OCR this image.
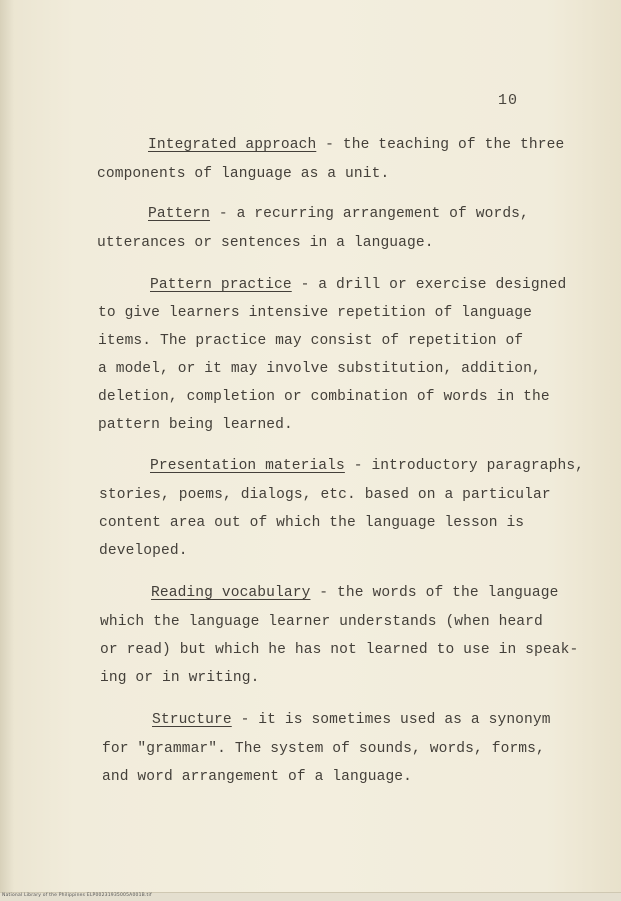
10
Integrated approach - the teaching of the three
components of language as a unit.
Pattern - a recurring arrangement of words,
utterances or sentences in a language.
Pattern practice - a drill or exercise designed
to give learners intensive repetition of language
items. The practice may consist of repetition of
a model, or it may involve substitution, addition,
deletion, completion or combination of words in the
pattern being learned.
Presentation materials - introductory paragraphs,
stories, poems, dialogs, etc. based on a particular
content area out of which the language lesson is
developed.
Reading vocabulary - the words of the language
which the language learner understands (when heard
or read) but which he has not learned to use in speak-
ing or in writing.
Structure - it is sometimes used as a synonym
for "grammar". The system of sounds, words, forms,
and word arrangement of a language.
National Library of the Philippines ELP00231935005A001B.tif
